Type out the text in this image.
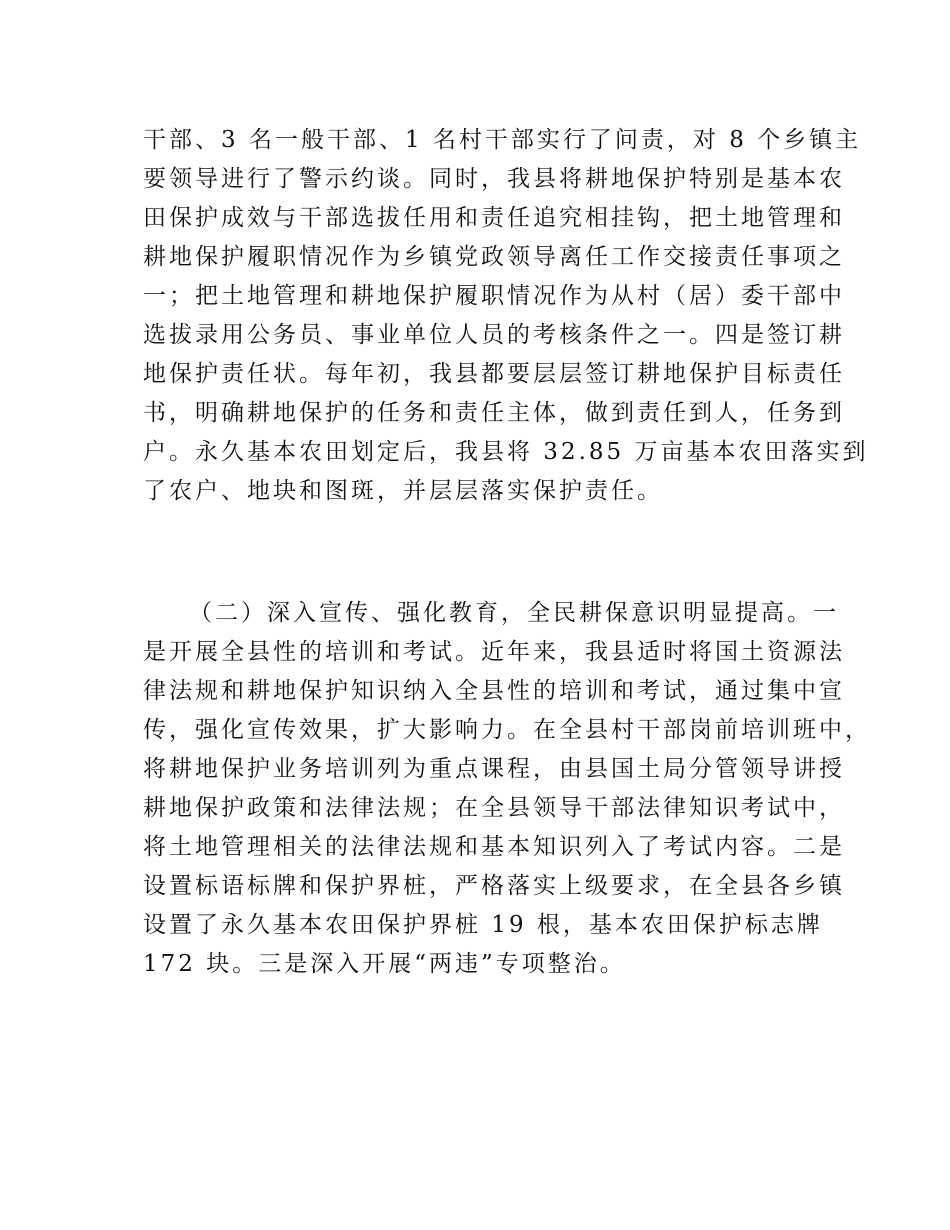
干部、3 名一般干部、1 名村干部实行了问责，对 8 个乡镇主
要领导进行了警示约谈。同时，我县将耕地保护特别是基本农
田保护成效与干部选拔任用和责任追究相挂钩，把土地管理和
耕地保护履职情况作为乡镇党政领导离任工作交接责任事项之
一；把土地管理和耕地保护履职情况作为从村（居）委干部中
选拔录用公务员、事业单位人员的考核条件之一。四是签订耕
地保护责任状。每年初，我县都要层层签订耕地保护目标责任
书，明确耕地保护的任务和责任主体，做到责任到人，任务到
户。永久基本农田划定后，我县将 32.85 万亩基本农田落实到
了农户、地块和图斑，并层层落实保护责任。
（二）深入宣传、强化教育，全民耕保意识明显提高。一
是开展全县性的培训和考试。近年来，我县适时将国土资源法
律法规和耕地保护知识纳入全县性的培训和考试，通过集中宣
传，强化宣传效果，扩大影响力。在全县村干部岗前培训班中，
将耕地保护业务培训列为重点课程，由县国土局分管领导讲授
耕地保护政策和法律法规；在全县领导干部法律知识考试中，
将土地管理相关的法律法规和基本知识列入了考试内容。二是
设置标语标牌和保护界桩，严格落实上级要求，在全县各乡镇
设置了永久基本农田保护界桩 19 根，基本农田保护标志牌
172 块。三是深入开展“两违”专项整治。
